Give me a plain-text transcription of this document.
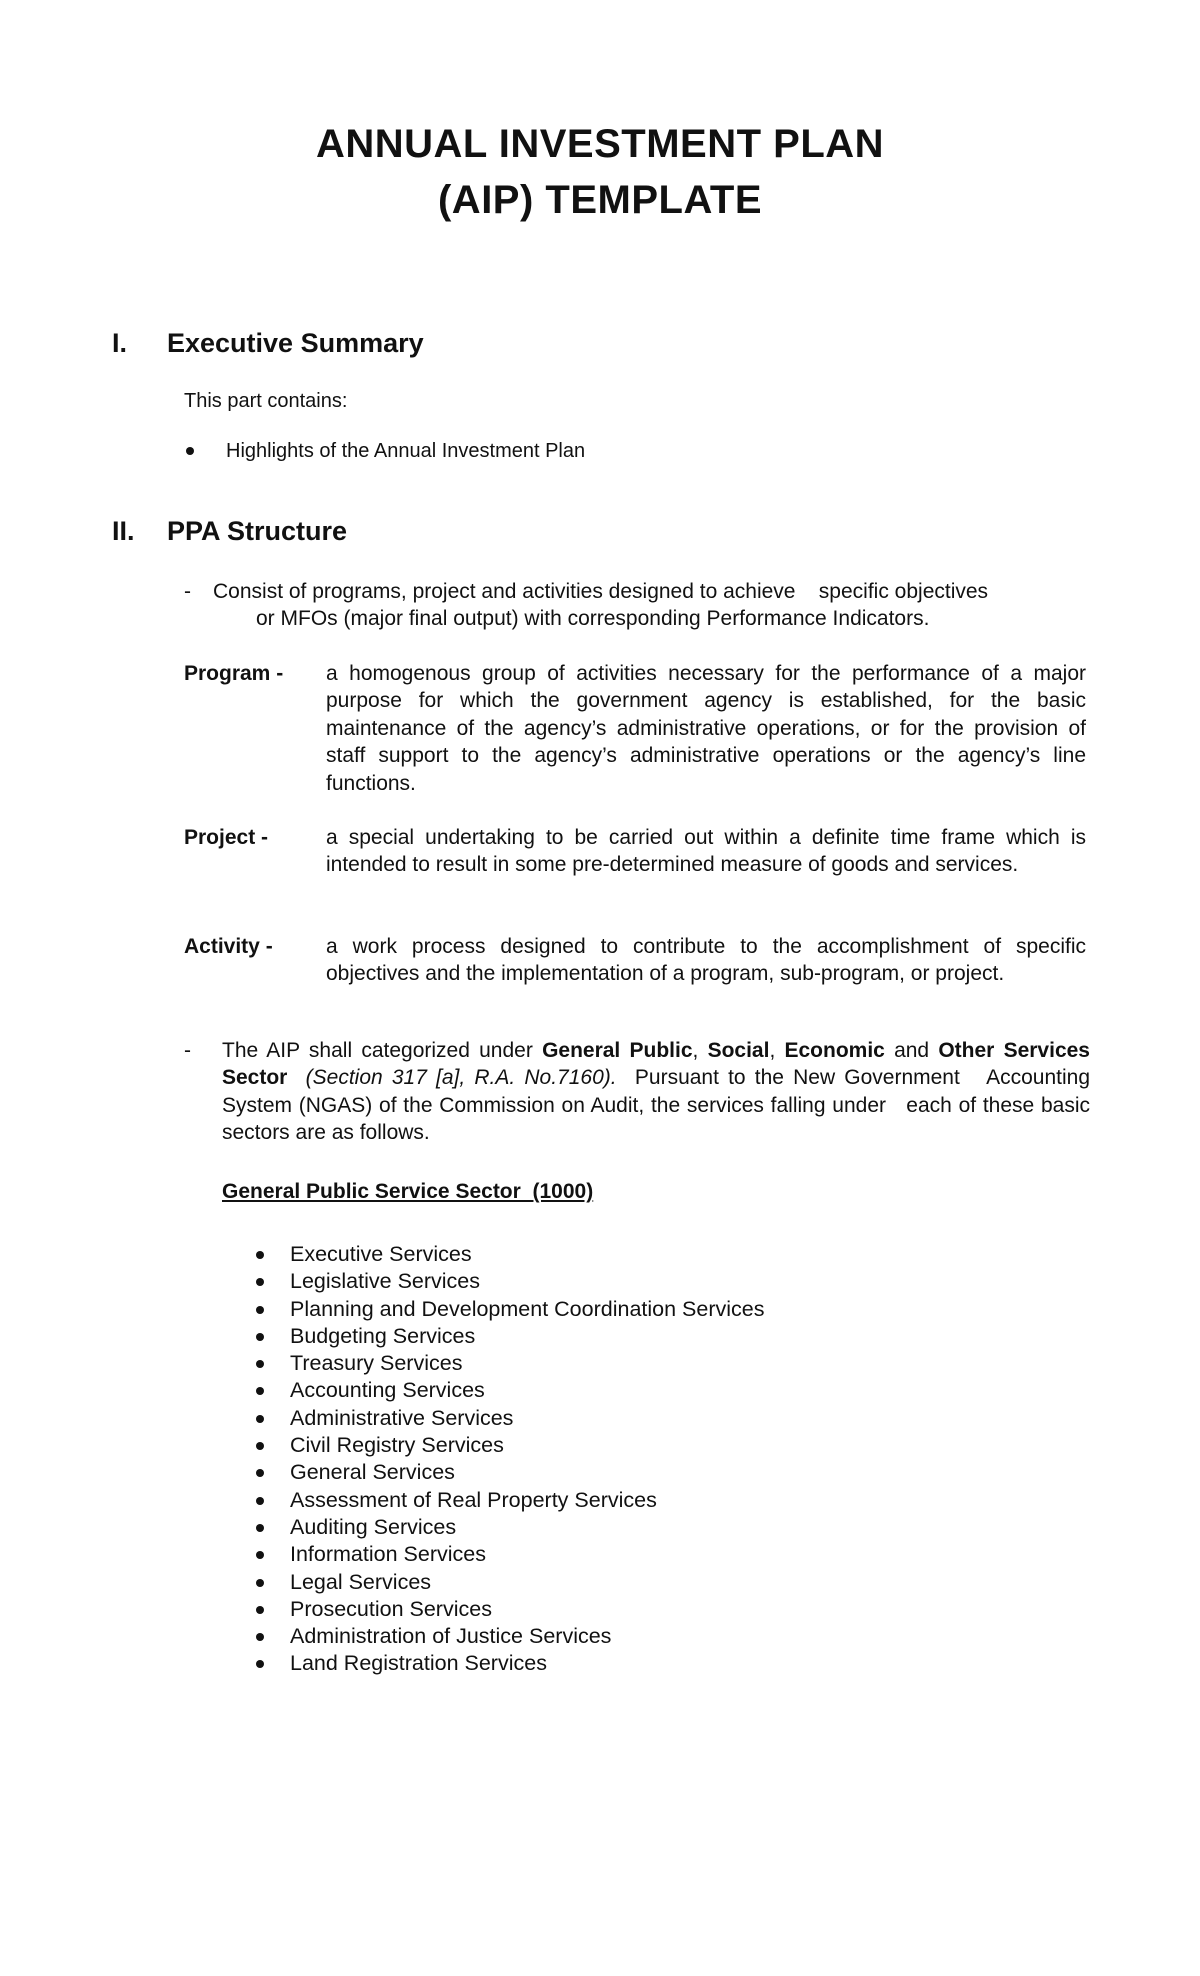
ANNUAL INVESTMENT PLAN
(AIP) TEMPLATE
I. Executive Summary
This part contains:
Highlights of the Annual Investment Plan
II. PPA Structure
- Consist of programs, project and activities designed to achieve    specific objectives
or MFOs (major final output) with corresponding Performance Indicators.
Program - a homogenous group of activities necessary for the performance of a major purpose for which the government agency is established, for the basic maintenance of the agency’s administrative operations, or for the provision of staff support to the agency’s administrative operations or the agency’s line functions.
Project -	a special undertaking to be carried out within a definite time frame which is intended to result in some pre-determined measure of goods and services.
Activity -	a work process designed to contribute to the accomplishment of specific objectives and the implementation of a program, sub-program, or project.
- The AIP shall categorized under General Public, Social, Economic and Other Services Sector (Section 317 [a], R.A. No.7160).  Pursuant to the New Government   Accounting System (NGAS) of the Commission on Audit, the services falling under   each of these basic sectors are as follows.
General Public Service Sector  (1000)
Executive Services
Legislative Services
Planning and Development Coordination Services
Budgeting Services
Treasury Services
Accounting Services
Administrative Services
Civil Registry Services
General Services
Assessment of Real Property Services
Auditing Services
Information Services
Legal Services
Prosecution Services
Administration of Justice Services
Land Registration Services
